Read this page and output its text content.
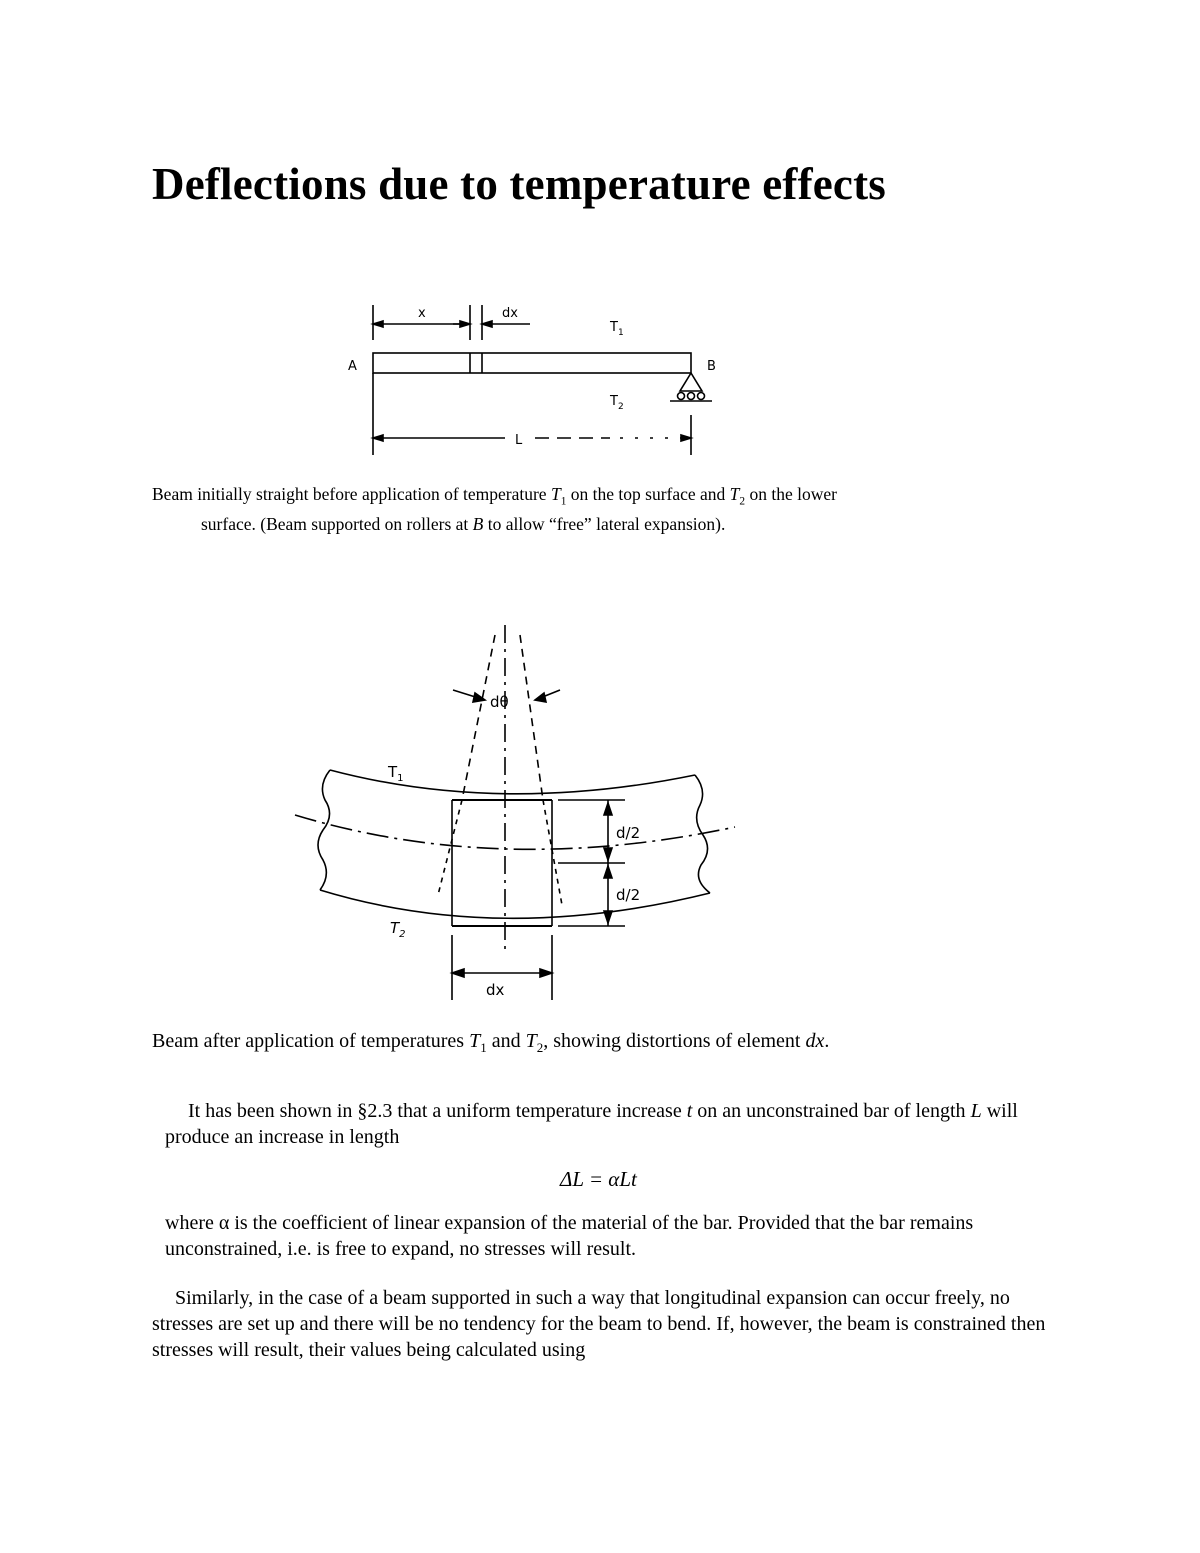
Deflections due to temperature effects
x	dx
$T_1$
A	B
$T_2$
L
Beam initially straight before application of temperature $T_1$ on the top surface and $T_2$ on the lower
surface. (Beam supported on rollers at B to allow “free” lateral expansion).
dθ
$T_1$
$T_2$
d/2
d/2
dx
Beam after application of temperatures $T_1$ and $T_2$, showing distortions of element dx.
It has been shown in §2.3 that a uniform temperature increase t on an unconstrained bar of length L will produce an increase in length
ΔL = αLt
where α is the coefficient of linear expansion of the material of the bar. Provided that the bar remains unconstrained, i.e. is free to expand, no stresses will result.
Similarly, in the case of a beam supported in such a way that longitudinal expansion can occur freely, no stresses are set up and there will be no tendency for the beam to bend. If, however, the beam is constrained then stresses will result, their values being calculated using
